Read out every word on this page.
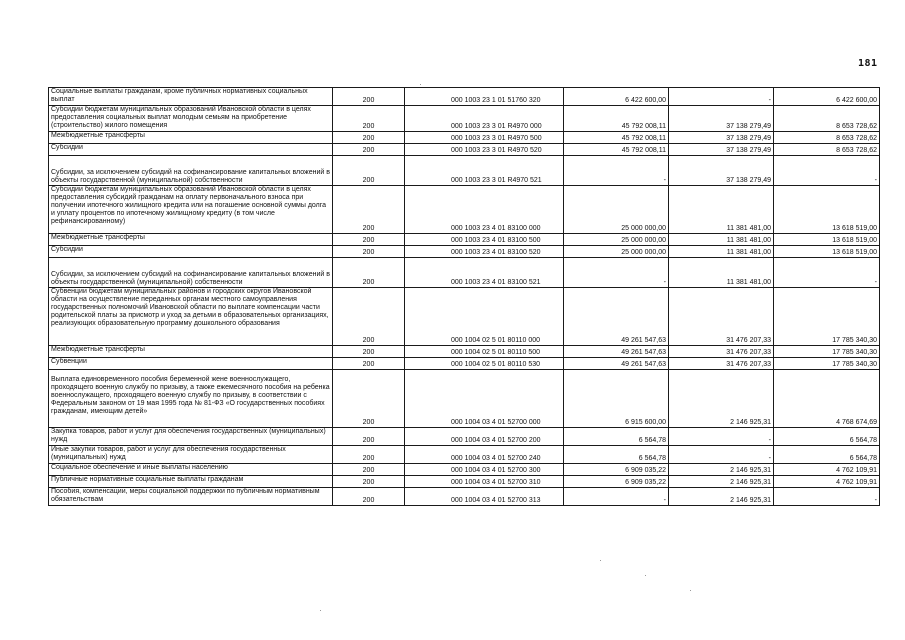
181
Социальные выплаты гражданам, кроме публичных нормативных социальных выплат	200	000 1003 23 1 01 51760 320	6 422 600,00	-	6 422 600,00
Субсидии бюджетам муниципальных образований Ивановской области в целях предоставления социальных выплат молодым семьям на приобретение (строительство) жилого помещения	200	000 1003 23 3 01 R4970 000	45 792 008,11	37 138 279,49	8 653 728,62
Межбюджетные трансферты	200	000 1003 23 3 01 R4970 500	45 792 008,11	37 138 279,49	8 653 728,62
Субсидии	200	000 1003 23 3 01 R4970 520	45 792 008,11	37 138 279,49	8 653 728,62
Субсидии, за исключением субсидий на софинансирование капитальных вложений в объекты государственной (муниципальной) собственности	200	000 1003 23 3 01 R4970 521	-	37 138 279,49	-
Субсидии бюджетам муниципальных образований Ивановской области в целях предоставления субсидий гражданам на оплату первоначального взноса при получении ипотечного жилищного кредита или на погашение основной суммы долга и уплату процентов по ипотечному жилищному кредиту (в том числе рефинансированному)	200	000 1003 23 4 01 83100 000	25 000 000,00	11 381 481,00	13 618 519,00
Межбюджетные трансферты	200	000 1003 23 4 01 83100 500	25 000 000,00	11 381 481,00	13 618 519,00
Субсидии	200	000 1003 23 4 01 83100 520	25 000 000,00	11 381 481,00	13 618 519,00
Субсидии, за исключением субсидий на софинансирование капитальных вложений в объекты государственной (муниципальной) собственности	200	000 1003 23 4 01 83100 521	-	11 381 481,00	-
Субвенции бюджетам муниципальных районов и городских округов Ивановской области на осуществление переданных органам местного самоуправления государственных полномочий Ивановской области по выплате компенсации части родительской платы за присмотр и уход за детьми в образовательных организациях, реализующих образовательную программу дошкольного образования	200	000 1004 02 5 01 80110 000	49 261 547,63	31 476 207,33	17 785 340,30
Межбюджетные трансферты	200	000 1004 02 5 01 80110 500	49 261 547,63	31 476 207,33	17 785 340,30
Субвенции	200	000 1004 02 5 01 80110 530	49 261 547,63	31 476 207,33	17 785 340,30
Выплата единовременного пособия беременной жене военнослужащего, проходящего военную службу по призыву, а также ежемесячного пособия на ребенка военнослужащего, проходящего военную службу по призыву, в соответствии с Федеральным законом от 19 мая 1995 года № 81-ФЗ «О государственных пособиях гражданам, имеющим детей»	200	000 1004 03 4 01 52700 000	6 915 600,00	2 146 925,31	4 768 674,69
Закупка товаров, работ и услуг для обеспечения государственных (муниципальных) нужд	200	000 1004 03 4 01 52700 200	6 564,78	-	6 564,78
Иные закупки товаров, работ и услуг для обеспечения государственных (муниципальных) нужд	200	000 1004 03 4 01 52700 240	6 564,78	-	6 564,78
Социальное обеспечение и иные выплаты населению	200	000 1004 03 4 01 52700 300	6 909 035,22	2 146 925,31	4 762 109,91
Публичные нормативные социальные выплаты гражданам	200	000 1004 03 4 01 52700 310	6 909 035,22	2 146 925,31	4 762 109,91
Пособия, компенсации, меры социальной поддержки по публичным нормативным обязательствам	200	000 1004 03 4 01 52700 313	-	2 146 925,31	-
